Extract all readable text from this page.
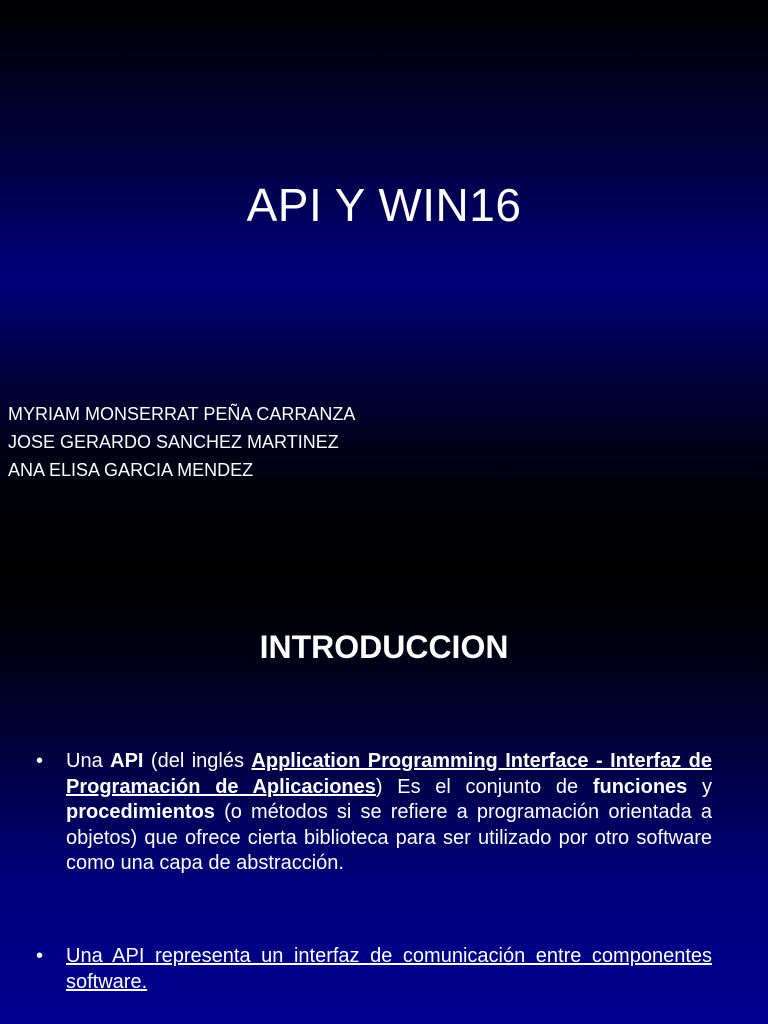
API Y WIN16
MYRIAM MONSERRAT PEÑA CARRANZA
JOSE GERARDO SANCHEZ MARTINEZ
ANA ELISA GARCIA MENDEZ
INTRODUCCION
• Una API (del inglés Application Programming Interface - Interfaz de Programación de Aplicaciones) Es el conjunto de funciones y procedimientos (o métodos si se refiere a programación orientada a objetos) que ofrece cierta biblioteca para ser utilizado por otro software como una capa de abstracción.
• Una API representa un interfaz de comunicación entre componentes software.
